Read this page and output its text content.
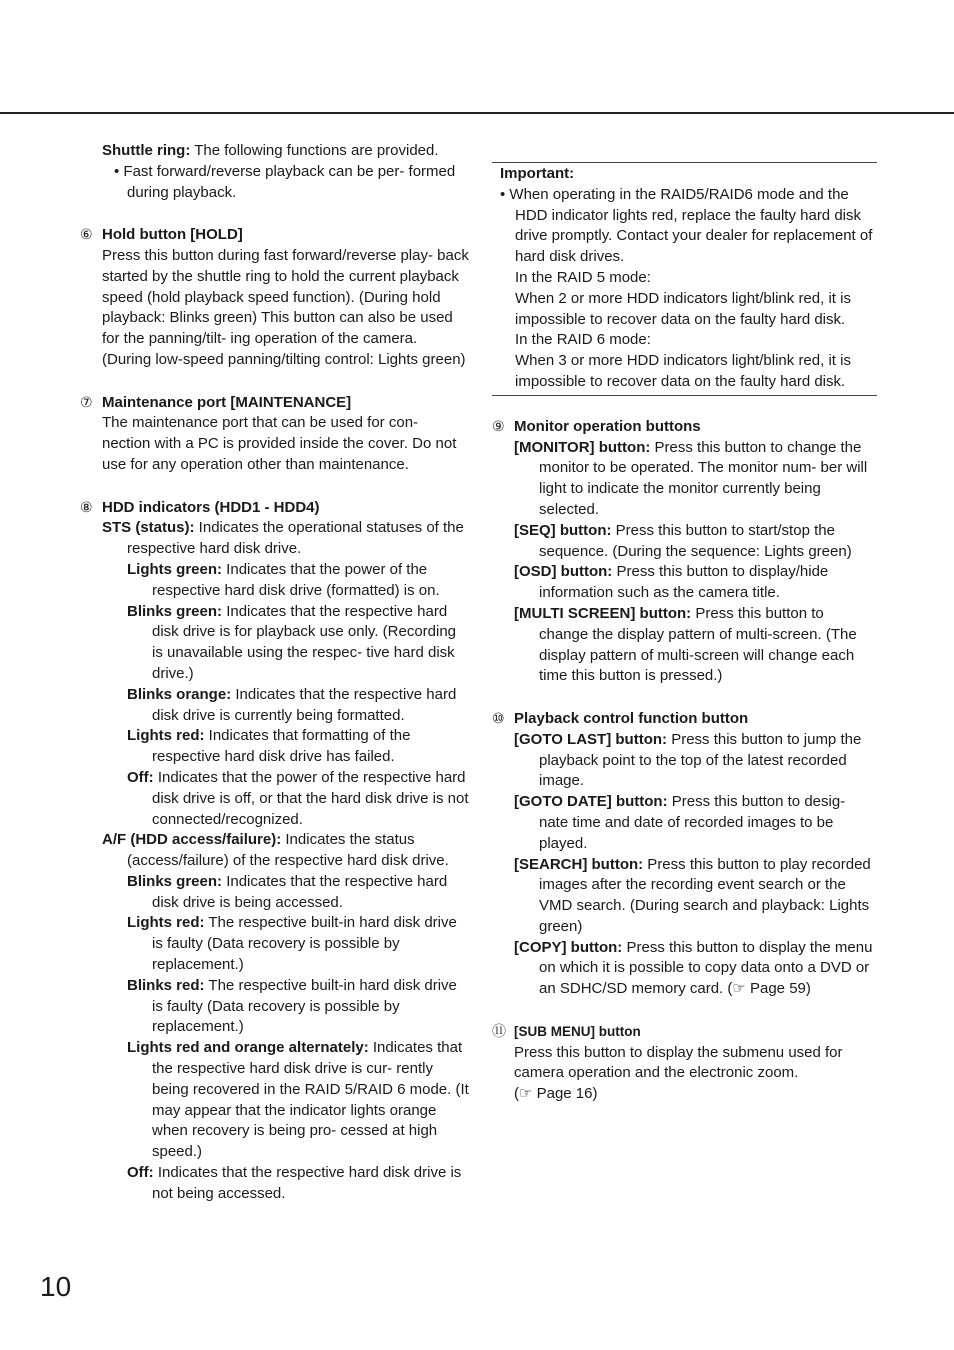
Shuttle ring: The following functions are provided.

• Fast forward/reverse playback can be per- formed during playback.

⑥ Hold button [HOLD]

Press this button during fast forward/reverse play- back started by the shuttle ring to hold the current playback speed (hold playback speed function). (During hold playback: Blinks green) This button can also be used for the panning/tilt- ing operation of the camera. (During low-speed panning/tilting control: Lights green)

⑦ Maintenance port [MAINTENANCE]

The maintenance port that can be used for con- nection with a PC is provided inside the cover. Do not use for any operation other than maintenance.

⑧ HDD indicators (HDD1 - HDD4)

STS (status): Indicates the operational statuses of the respective hard disk drive.

Lights green: Indicates that the power of the respective hard disk drive (formatted) is on.

Blinks green: Indicates that the respective hard disk drive is for playback use only. (Recording is unavailable using the respec- tive hard disk drive.)

Blinks orange: Indicates that the respective hard disk drive is currently being formatted.

Lights red: Indicates that formatting of the respective hard disk drive has failed.

Off: Indicates that the power of the respective hard disk drive is off, or that the hard disk drive is not connected/recognized.

A/F (HDD access/failure): Indicates the status (access/failure) of the respective hard disk drive.

Blinks green: Indicates that the respective hard disk drive is being accessed.

Lights red: The respective built-in hard disk drive is faulty (Data recovery is possible by replacement.)

Blinks red: The respective built-in hard disk drive is faulty (Data recovery is possible by replacement.)

Lights red and orange alternately: Indicates that the respective hard disk drive is cur- rently being recovered in the RAID 5/RAID 6 mode. (It may appear that the indicator lights orange when recovery is being pro- cessed at high speed.)

Off: Indicates that the respective hard disk drive is not being accessed.

Important:

• When operating in the RAID5/RAID6 mode and the HDD indicator lights red, replace the faulty hard disk drive promptly. Contact your dealer for replacement of hard disk drives.

In the RAID 5 mode:

When 2 or more HDD indicators light/blink red, it is impossible to recover data on the faulty hard disk.

In the RAID 6 mode:

When 3 or more HDD indicators light/blink red, it is impossible to recover data on the faulty hard disk.

⑨ Monitor operation buttons

[MONITOR] button: Press this button to change the monitor to be operated. The monitor num- ber will light to indicate the monitor currently being selected.

[SEQ] button: Press this button to start/stop the sequence. (During the sequence: Lights green)

[OSD] button: Press this button to display/hide information such as the camera title.

[MULTI SCREEN] button: Press this button to change the display pattern of multi-screen. (The display pattern of multi-screen will change each time this button is pressed.)

⑩ Playback control function button

[GOTO LAST] button: Press this button to jump the playback point to the top of the latest recorded image.

[GOTO DATE] button: Press this button to desig- nate time and date of recorded images to be played.

[SEARCH] button: Press this button to play recorded images after the recording event search or the VMD search. (During search and playback: Lights green)

[COPY] button: Press this button to display the menu on which it is possible to copy data onto a DVD or an SDHC/SD memory card. (☞ Page 59)

⑪ [SUB MENU] button

Press this button to display the submenu used for camera operation and the electronic zoom.

(☞ Page 16)

10
